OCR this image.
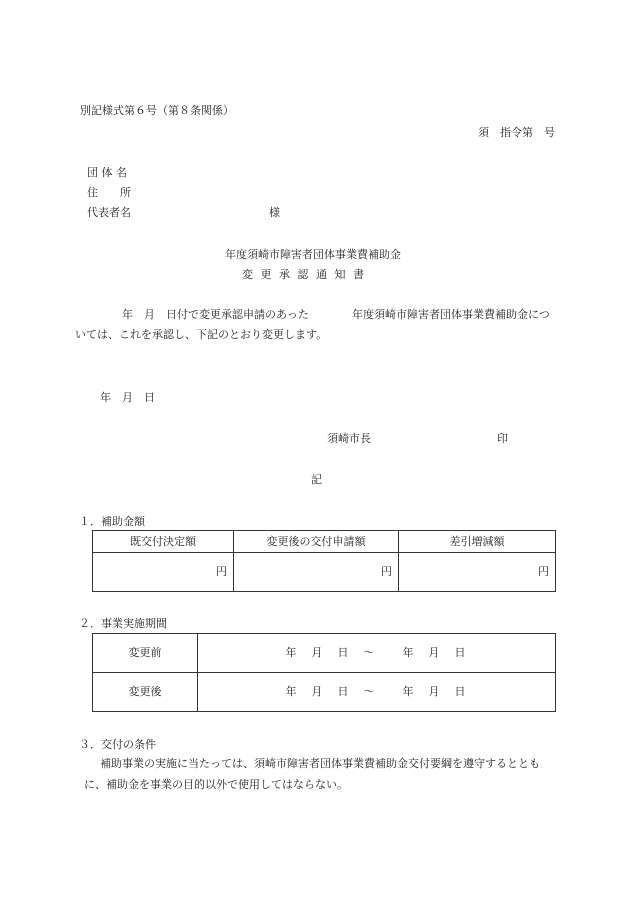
別記様式第６号（第８条関係）
須　指令第　号
団 体 名
住　　所
代表者名	様
年度須崎市障害者団体事業費補助金
変 更 承 認 通 知 書
年　月　日付で変更承認申請のあった	年度須崎市障害者団体事業費補助金につ
いては、これを承認し、下記のとおり変更します。
年　月　日
須崎市長	印
記
１．補助金額
既交付決定額	変更後の交付申請額	差引増減額
円	円	円
２．事業実施期間
変更前	年　月　日　～　　年　月　日
変更後	年　月　日　～　　年　月　日
３．交付の条件
補助事業の実施に当たっては、須崎市障害者団体事業費補助金交付要綱を遵守するととも
に、補助金を事業の目的以外で使用してはならない。
